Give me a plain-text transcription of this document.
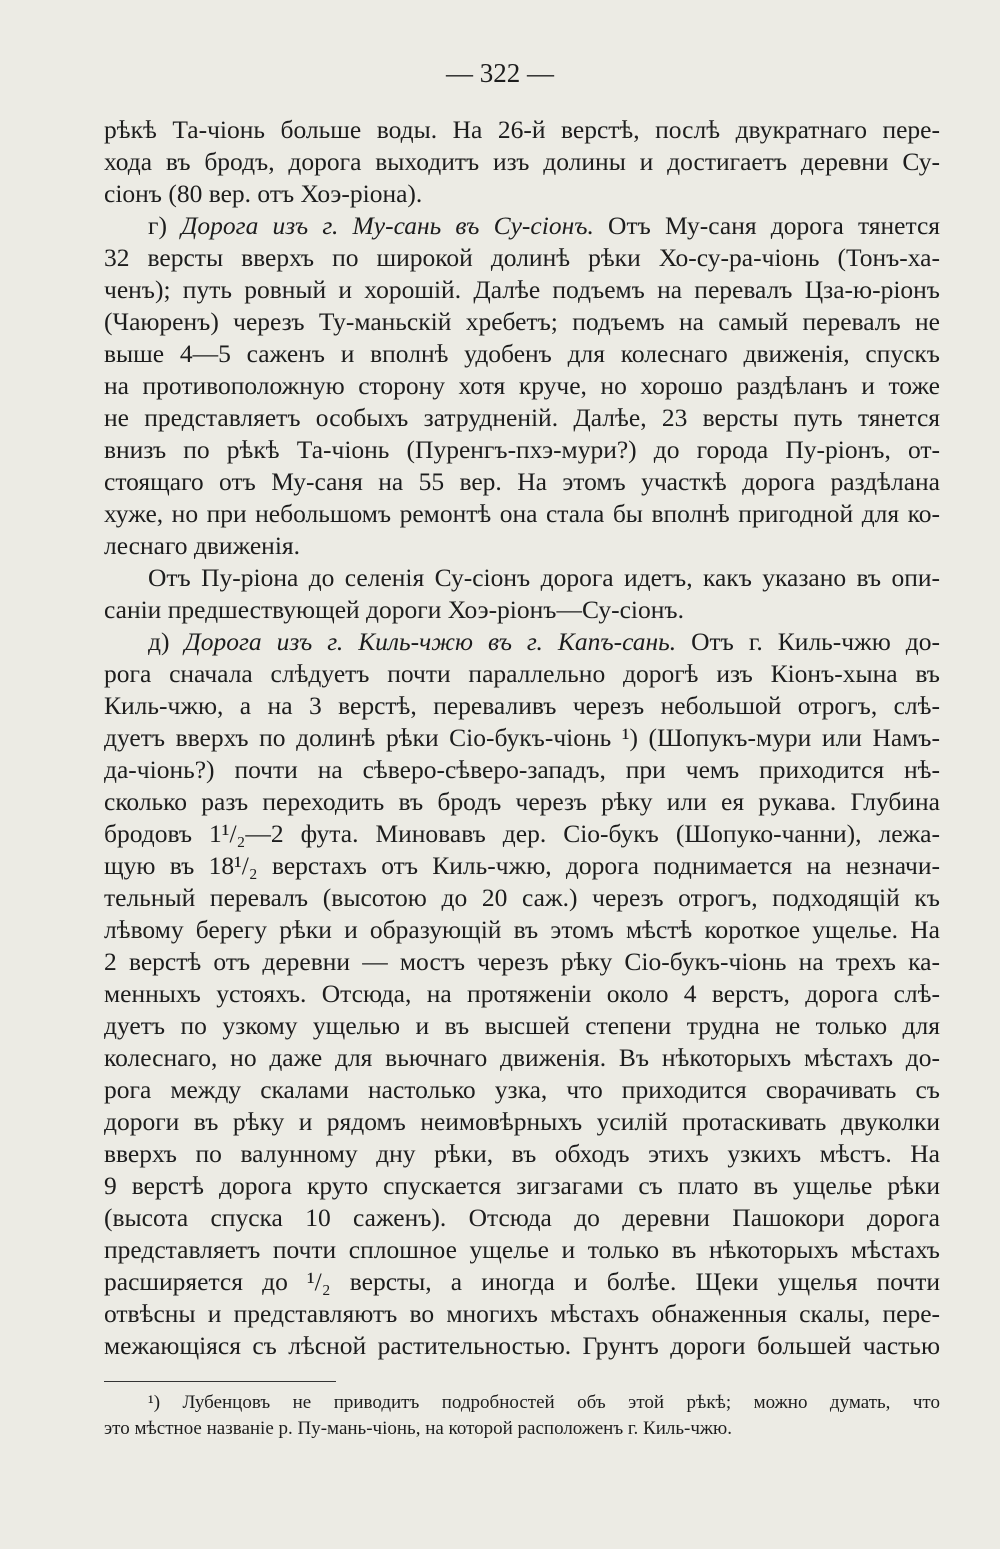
— 322 —
рѣкѣ Та-чіонь больше воды. На 26-й верстѣ, послѣ двукратнаго пере-
хода въ бродъ, дорога выходитъ изъ долины и достигаетъ деревни Су-
сіонъ (80 вер. отъ Хоэ-ріона).
г) Дорога изъ г. Му-сань въ Су-сіонъ. Отъ Му-саня дорога тянется
32 версты вверхъ по широкой долинѣ рѣки Хо-су-ра-чіонь (Тонъ-ха-
ченъ); путь ровный и хорошій. Далѣе подъемъ на перевалъ Цза-ю-ріонъ
(Чаюренъ) черезъ Ту-маньскій хребетъ; подъемъ на самый перевалъ не
выше 4—5 саженъ и вполнѣ удобенъ для колеснаго движенія, спускъ
на противоположную сторону хотя круче, но хорошо раздѣланъ и тоже
не представляетъ особыхъ затрудненій. Далѣе, 23 версты путь тянется
внизъ по рѣкѣ Та-чіонь (Пуренгъ-пхэ-мури?) до города Пу-ріонъ, от-
стоящаго отъ Му-саня на 55 вер. На этомъ участкѣ дорога раздѣлана
хуже, но при небольшомъ ремонтѣ она стала бы вполнѣ пригодной для ко-
леснаго движенія.
Отъ Пу-ріона до селенія Су-сіонъ дорога идетъ, какъ указано въ опи-
саніи предшествующей дороги Хоэ-ріонъ—Су-сіонъ.
д) Дорога изъ г. Киль-чжю въ г. Капъ-сань. Отъ г. Киль-чжю до-
рога сначала слѣдуетъ почти параллельно дорогѣ изъ Кіонъ-хына въ
Киль-чжю, а на 3 верстѣ, переваливъ черезъ небольшой отрогъ, слѣ-
дуетъ вверхъ по долинѣ рѣки Сіо-букъ-чіонь ¹) (Шопукъ-мури или Намъ-
да-чіонь?) почти на сѣверо-сѣверо-западъ, при чемъ приходится нѣ-
сколько разъ переходить въ бродъ черезъ рѣку или ея рукава. Глубина
бродовъ 1¹/₂—2 фута. Миновавъ дер. Сіо-букъ (Шопуко-чанни), лежа-
щую въ 18¹/₂ верстахъ отъ Киль-чжю, дорога поднимается на незначи-
тельный перевалъ (высотою до 20 саж.) черезъ отрогъ, подходящій къ
лѣвому берегу рѣки и образующій въ этомъ мѣстѣ короткое ущелье. На
2 верстѣ отъ деревни — мостъ черезъ рѣку Сіо-букъ-чіонь на трехъ ка-
менныхъ устояхъ. Отсюда, на протяженіи около 4 верстъ, дорога слѣ-
дуетъ по узкому ущелью и въ высшей степени трудна не только для
колеснаго, но даже для вьючнаго движенія. Въ нѣкоторыхъ мѣстахъ до-
рога между скалами настолько узка, что приходится сворачивать съ
дороги въ рѣку и рядомъ неимовѣрныхъ усилій протаскивать двуколки
вверхъ по валунному дну рѣки, въ обходъ этихъ узкихъ мѣстъ. На
9 верстѣ дорога круто спускается зигзагами съ плато въ ущелье рѣки
(высота спуска 10 саженъ). Отсюда до деревни Пашокори дорога
представляетъ почти сплошное ущелье и только въ нѣкоторыхъ мѣстахъ
расширяется до ¹/₂ версты, а иногда и болѣе. Щеки ущелья почти
отвѣсны и представляютъ во многихъ мѣстахъ обнаженныя скалы, пере-
межающіяся съ лѣсной растительностью. Грунтъ дороги большей частью
¹) Лубенцовъ не приводитъ подробностей объ этой рѣкѣ; можно думать, что
это мѣстное названіе р. Пу-мань-чіонь, на которой расположенъ г. Киль-чжю.
